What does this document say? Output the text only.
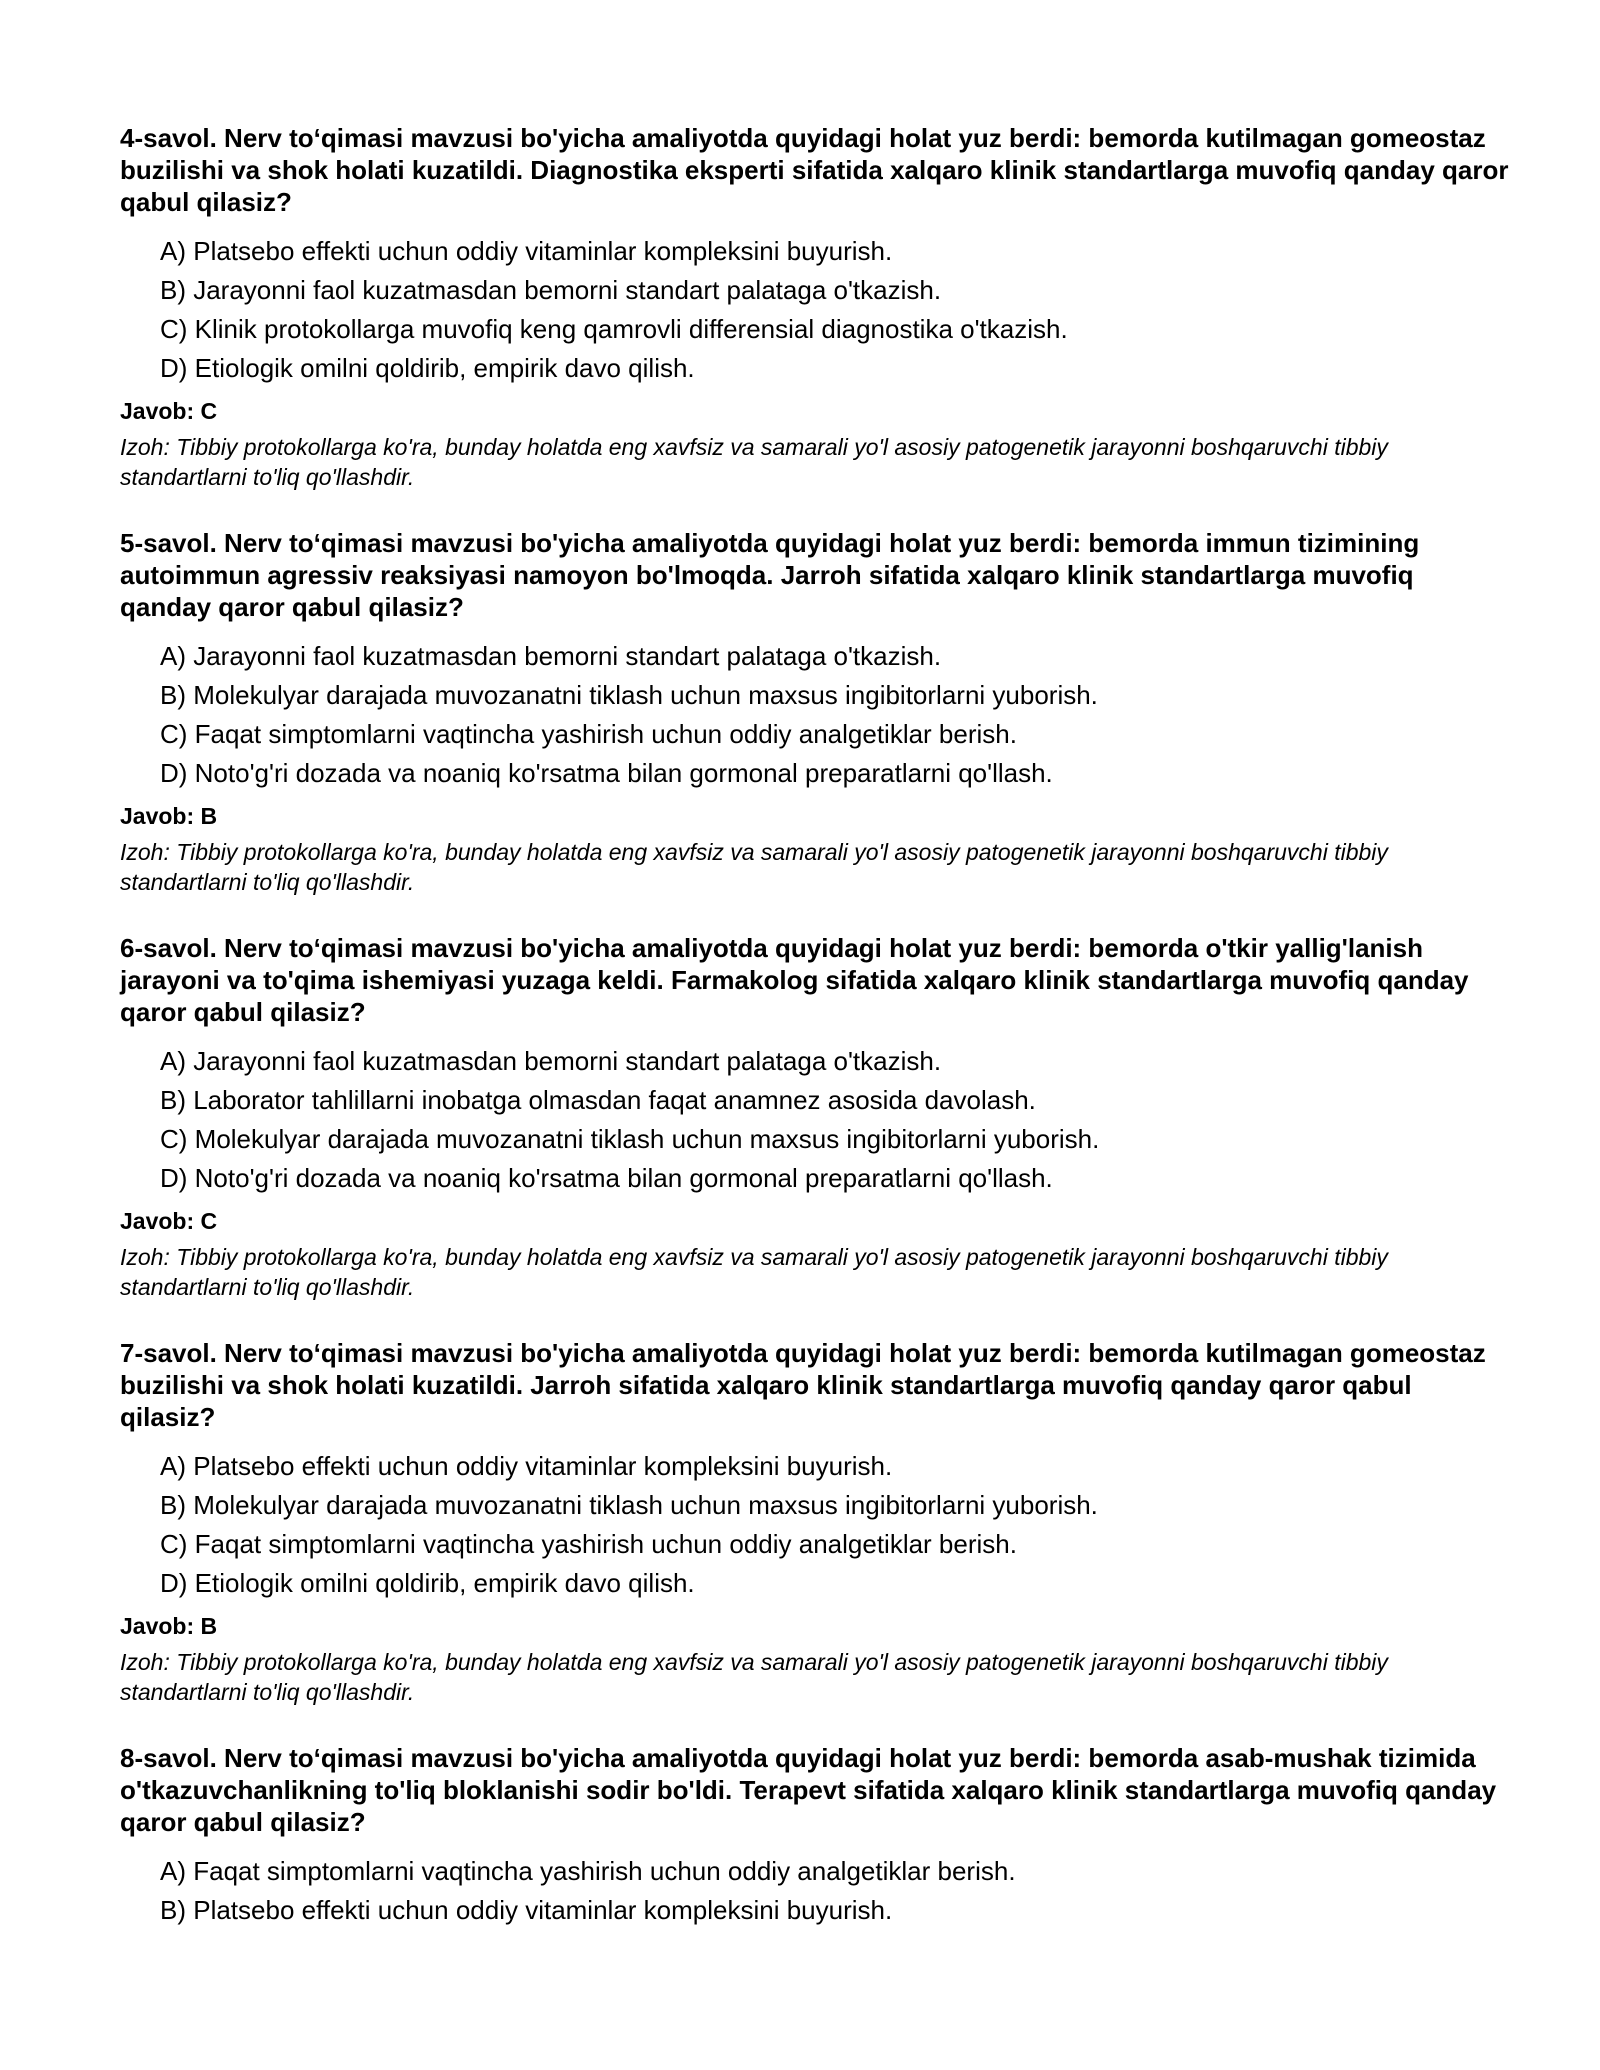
4-savol. Nerv to‘qimasi mavzusi bo'yicha amaliyotda quyidagi holat yuz berdi: bemorda kutilmagan gomeostaz buzilishi va shok holati kuzatildi. Diagnostika eksperti sifatida xalqaro klinik standartlarga muvofiq qanday qaror qabul qilasiz?
A) Platsebo effekti uchun oddiy vitaminlar kompleksini buyurish.
B) Jarayonni faol kuzatmasdan bemorni standart palataga o'tkazish.
C) Klinik protokollarga muvofiq keng qamrovli differensial diagnostika o'tkazish.
D) Etiologik omilni qoldirib, empirik davo qilish.
Javob: C
Izoh: Tibbiy protokollarga ko'ra, bunday holatda eng xavfsiz va samarali yo'l asosiy patogenetik jarayonni boshqaruvchi tibbiy standartlarni to'liq qo'llashdir.
5-savol. Nerv to‘qimasi mavzusi bo'yicha amaliyotda quyidagi holat yuz berdi: bemorda immun tizimining autoimmun agressiv reaksiyasi namoyon bo'lmoqda. Jarroh sifatida xalqaro klinik standartlarga muvofiq qanday qaror qabul qilasiz?
A) Jarayonni faol kuzatmasdan bemorni standart palataga o'tkazish.
B) Molekulyar darajada muvozanatni tiklash uchun maxsus ingibitorlarni yuborish.
C) Faqat simptomlarni vaqtincha yashirish uchun oddiy analgetiklar berish.
D) Noto'g'ri dozada va noaniq ko'rsatma bilan gormonal preparatlarni qo'llash.
Javob: B
Izoh: Tibbiy protokollarga ko'ra, bunday holatda eng xavfsiz va samarali yo'l asosiy patogenetik jarayonni boshqaruvchi tibbiy standartlarni to'liq qo'llashdir.
6-savol. Nerv to‘qimasi mavzusi bo'yicha amaliyotda quyidagi holat yuz berdi: bemorda o'tkir yallig'lanish jarayoni va to'qima ishemiyasi yuzaga keldi. Farmakolog sifatida xalqaro klinik standartlarga muvofiq qanday qaror qabul qilasiz?
A) Jarayonni faol kuzatmasdan bemorni standart palataga o'tkazish.
B) Laborator tahlillarni inobatga olmasdan faqat anamnez asosida davolash.
C) Molekulyar darajada muvozanatni tiklash uchun maxsus ingibitorlarni yuborish.
D) Noto'g'ri dozada va noaniq ko'rsatma bilan gormonal preparatlarni qo'llash.
Javob: C
Izoh: Tibbiy protokollarga ko'ra, bunday holatda eng xavfsiz va samarali yo'l asosiy patogenetik jarayonni boshqaruvchi tibbiy standartlarni to'liq qo'llashdir.
7-savol. Nerv to‘qimasi mavzusi bo'yicha amaliyotda quyidagi holat yuz berdi: bemorda kutilmagan gomeostaz buzilishi va shok holati kuzatildi. Jarroh sifatida xalqaro klinik standartlarga muvofiq qanday qaror qabul qilasiz?
A) Platsebo effekti uchun oddiy vitaminlar kompleksini buyurish.
B) Molekulyar darajada muvozanatni tiklash uchun maxsus ingibitorlarni yuborish.
C) Faqat simptomlarni vaqtincha yashirish uchun oddiy analgetiklar berish.
D) Etiologik omilni qoldirib, empirik davo qilish.
Javob: B
Izoh: Tibbiy protokollarga ko'ra, bunday holatda eng xavfsiz va samarali yo'l asosiy patogenetik jarayonni boshqaruvchi tibbiy standartlarni to'liq qo'llashdir.
8-savol. Nerv to‘qimasi mavzusi bo'yicha amaliyotda quyidagi holat yuz berdi: bemorda asab-mushak tizimida o'tkazuvchanlikning to'liq bloklanishi sodir bo'ldi. Terapevt sifatida xalqaro klinik standartlarga muvofiq qanday qaror qabul qilasiz?
A) Faqat simptomlarni vaqtincha yashirish uchun oddiy analgetiklar berish.
B) Platsebo effekti uchun oddiy vitaminlar kompleksini buyurish.
